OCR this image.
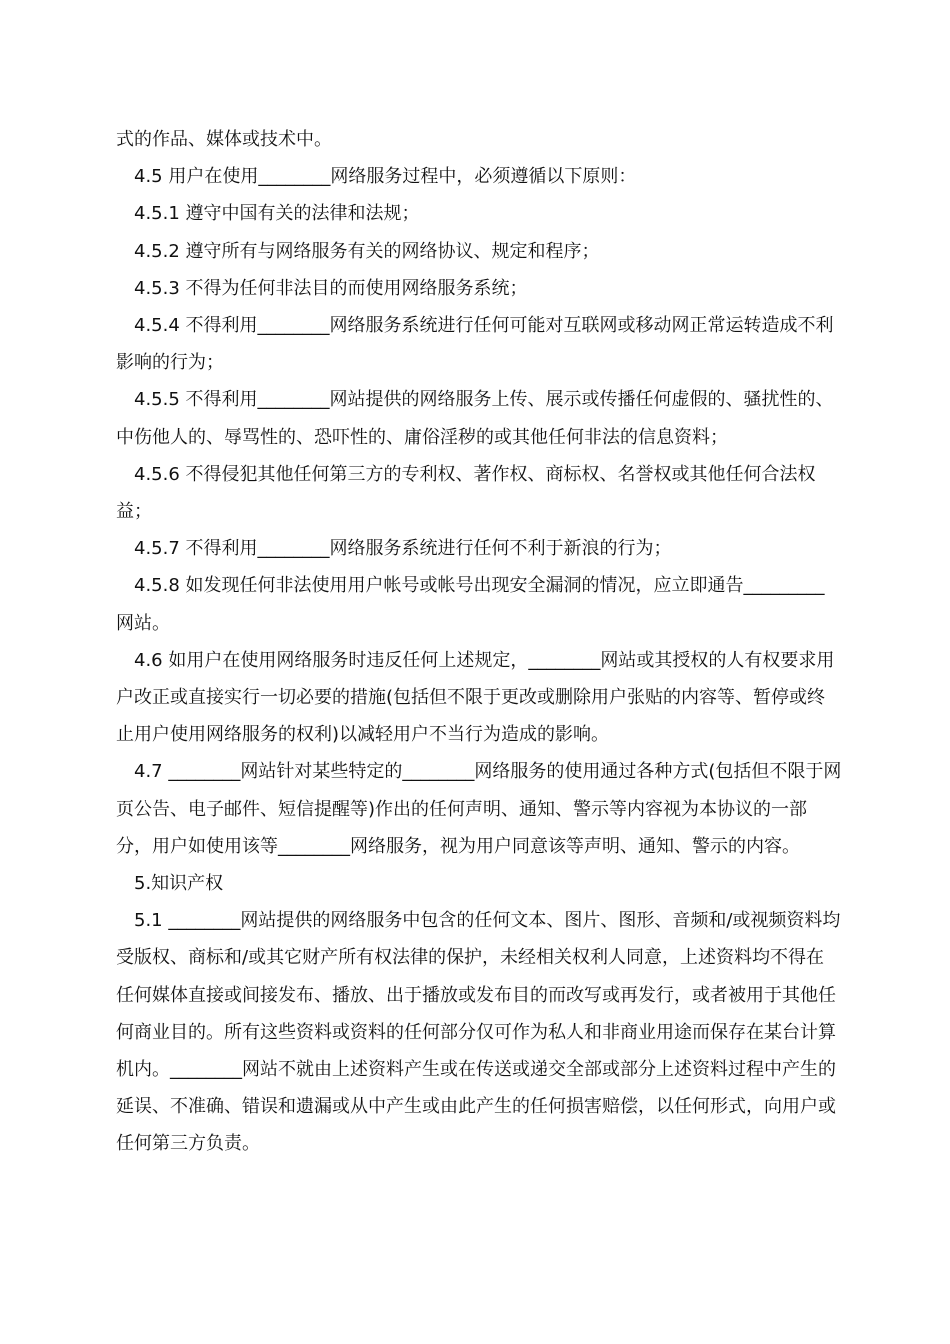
式的作品、媒体或技术中。

4.5 用户在使用________网络服务过程中，必须遵循以下原则：

4.5.1 遵守中国有关的法律和法规；

4.5.2 遵守所有与网络服务有关的网络协议、规定和程序；

4.5.3 不得为任何非法目的而使用网络服务系统；

4.5.4 不得利用________网络服务系统进行任何可能对互联网或移动网正常运转造成不利影响的行为；

4.5.5 不得利用________网站提供的网络服务上传、展示或传播任何虚假的、骚扰性的、中伤他人的、辱骂性的、恐吓性的、庸俗淫秽的或其他任何非法的信息资料；

4.5.6 不得侵犯其他任何第三方的专利权、著作权、商标权、名誉权或其他任何合法权益；

4.5.7 不得利用________网络服务系统进行任何不利于新浪的行为；

4.5.8 如发现任何非法使用用户帐号或帐号出现安全漏洞的情况，应立即通告_________网站。

4.6 如用户在使用网络服务时违反任何上述规定，________网站或其授权的人有权要求用户改正或直接实行一切必要的措施(包括但不限于更改或删除用户张贴的内容等、暂停或终止用户使用网络服务的权利)以减轻用户不当行为造成的影响。

4.7 ________网站针对某些特定的________网络服务的使用通过各种方式(包括但不限于网页公告、电子邮件、短信提醒等)作出的任何声明、通知、警示等内容视为本协议的一部分，用户如使用该等________网络服务，视为用户同意该等声明、通知、警示的内容。

5.知识产权

5.1 ________网站提供的网络服务中包含的任何文本、图片、图形、音频和/或视频资料均受版权、商标和/或其它财产所有权法律的保护，未经相关权利人同意，上述资料均不得在任何媒体直接或间接发布、播放、出于播放或发布目的而改写或再发行，或者被用于其他任何商业目的。所有这些资料或资料的任何部分仅可作为私人和非商业用途而保存在某台计算机内。________网站不就由上述资料产生或在传送或递交全部或部分上述资料过程中产生的延误、不准确、错误和遗漏或从中产生或由此产生的任何损害赔偿，以任何形式，向用户或任何第三方负责。
